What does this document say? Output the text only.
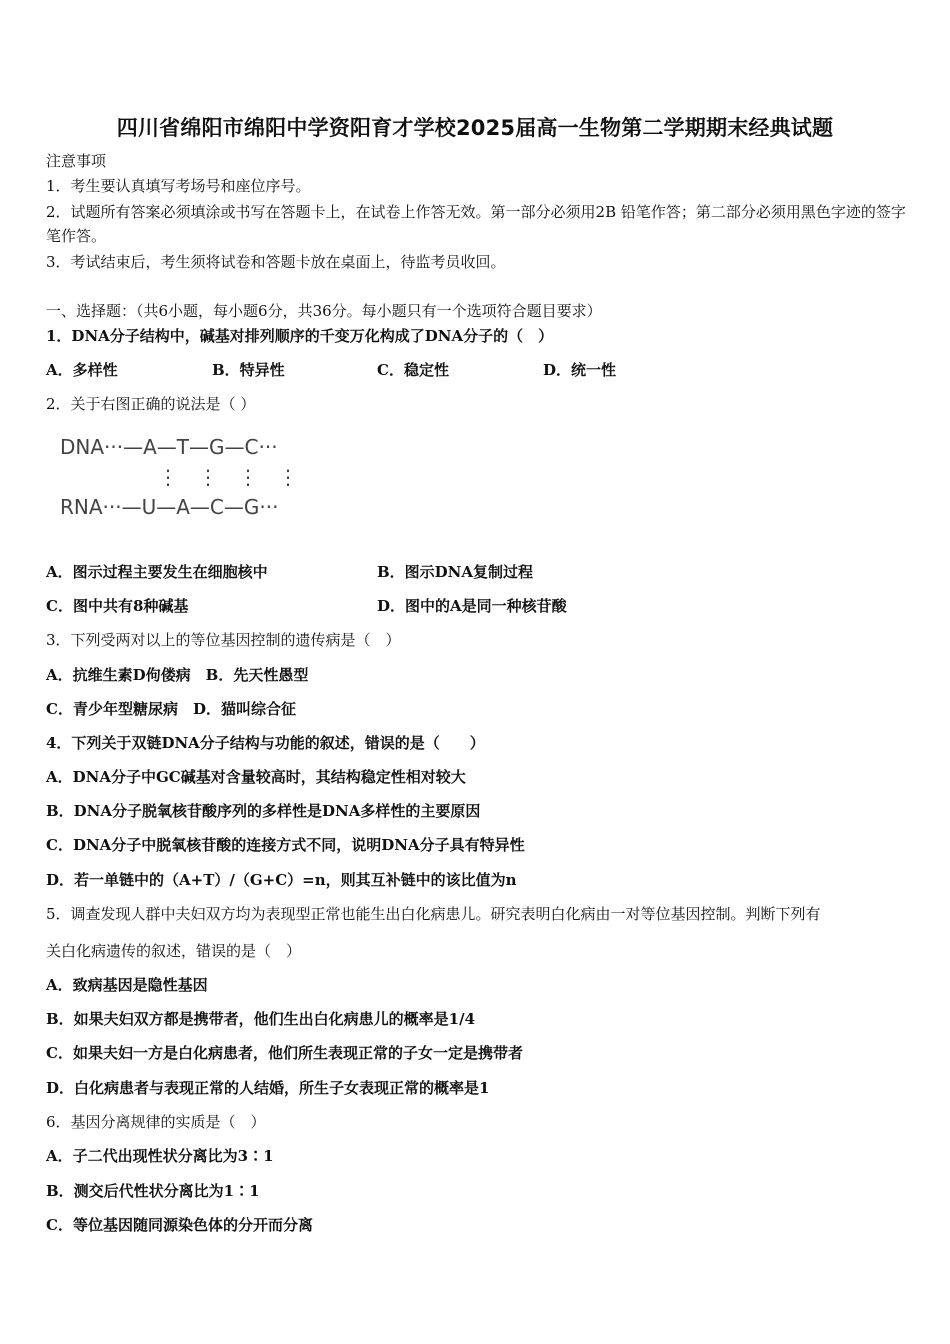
四川省绵阳市绵阳中学资阳育才学校2025届高一生物第二学期期末经典试题
注意事项
1．考生要认真填写考场号和座位序号。
2．试题所有答案必须填涂或书写在答题卡上，在试卷上作答无效。第一部分必须用2B 铅笔作答；第二部分必须用黑色字迹的签字笔作答。
3．考试结束后，考生须将试卷和答题卡放在桌面上，待监考员收回。
一、选择题：（共6小题，每小题6分，共36分。每小题只有一个选项符合题目要求）
1．DNA分子结构中，碱基对排列顺序的千变万化构成了DNA分子的（　）
A．多样性	B．特异性	C．稳定性	D．统一性
2．关于右图正确的说法是（ ）
DNA···—A—T—G—C···
⋮　⋮　⋮　⋮
RNA···—U—A—C—G···
A．图示过程主要发生在细胞核中	B．图示DNA复制过程
C．图中共有8种碱基	D．图中的A是同一种核苷酸
3．下列受两对以上的等位基因控制的遗传病是（　）
A．抗维生素D佝偻病　B．先天性愚型
C．青少年型糖尿病　D．猫叫综合征
4．下列关于双链DNA分子结构与功能的叙述，错误的是（　　）
A．DNA分子中GC碱基对含量较高时，其结构稳定性相对较大
B．DNA分子脱氧核苷酸序列的多样性是DNA多样性的主要原因
C．DNA分子中脱氧核苷酸的连接方式不同，说明DNA分子具有特异性
D．若一单链中的（A+T）/（G+C）=n，则其互补链中的该比值为n
5．调查发现人群中夫妇双方均为表现型正常也能生出白化病患儿。研究表明白化病由一对等位基因控制。判断下列有
关白化病遗传的叙述，错误的是（　）
A．致病基因是隐性基因
B．如果夫妇双方都是携带者，他们生出白化病患儿的概率是1/4
C．如果夫妇一方是白化病患者，他们所生表现正常的子女一定是携带者
D．白化病患者与表现正常的人结婚，所生子女表现正常的概率是1
6．基因分离规律的实质是（　）
A．子二代出现性状分离比为3∶1
B．测交后代性状分离比为1∶1
C．等位基因随同源染色体的分开而分离
